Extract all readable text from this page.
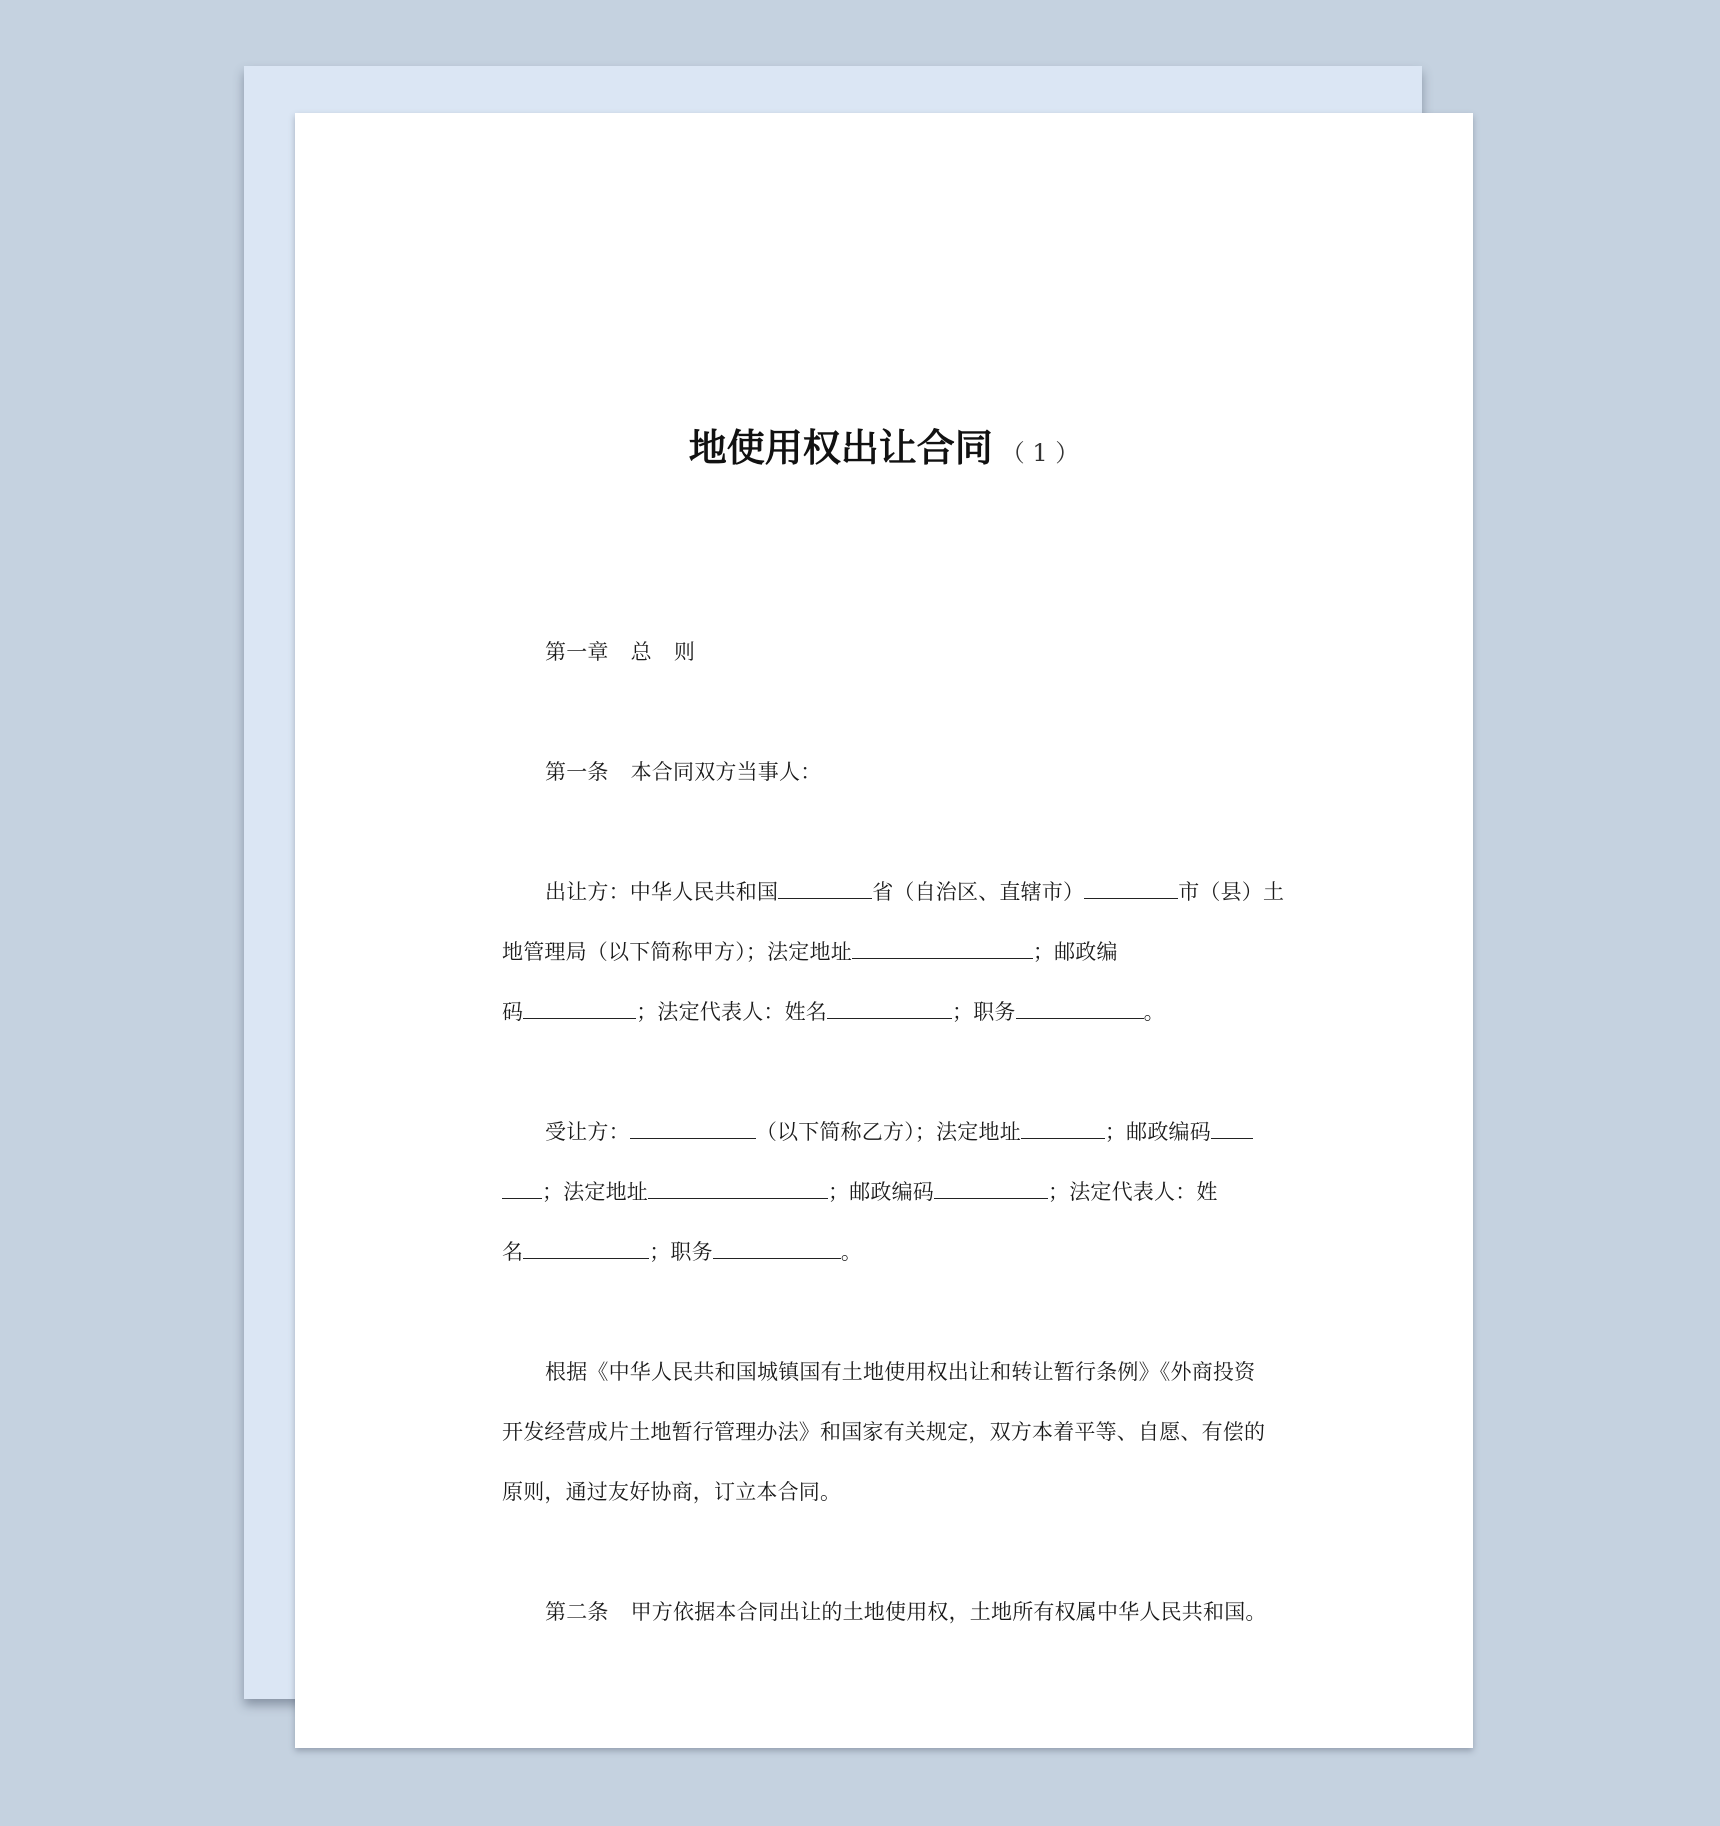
地使用权出让合同 （ 1 ）
第一章 总 则
第一条 本合同双方当事人：
出让方：中华人民共和国	省（自治区、直辖市）	市（县）土
地管理局（以下简称甲方）；法定地址	；邮政编
码	；法定代表人：姓名	；职务	。
受让方：	（以下简称乙方）；法定地址	；邮政编码
；法定地址	；邮政编码	；法定代表人：姓
名	；职务	。
根据《中华人民共和国城镇国有土地使用权出让和转让暂行条例》《外商投资
开发经营成片土地暂行管理办法》和国家有关规定，双方本着平等、自愿、有偿的
原则，通过友好协商，订立本合同。
第二条 甲方依据本合同出让的土地使用权，土地所有权属中华人民共和国。
